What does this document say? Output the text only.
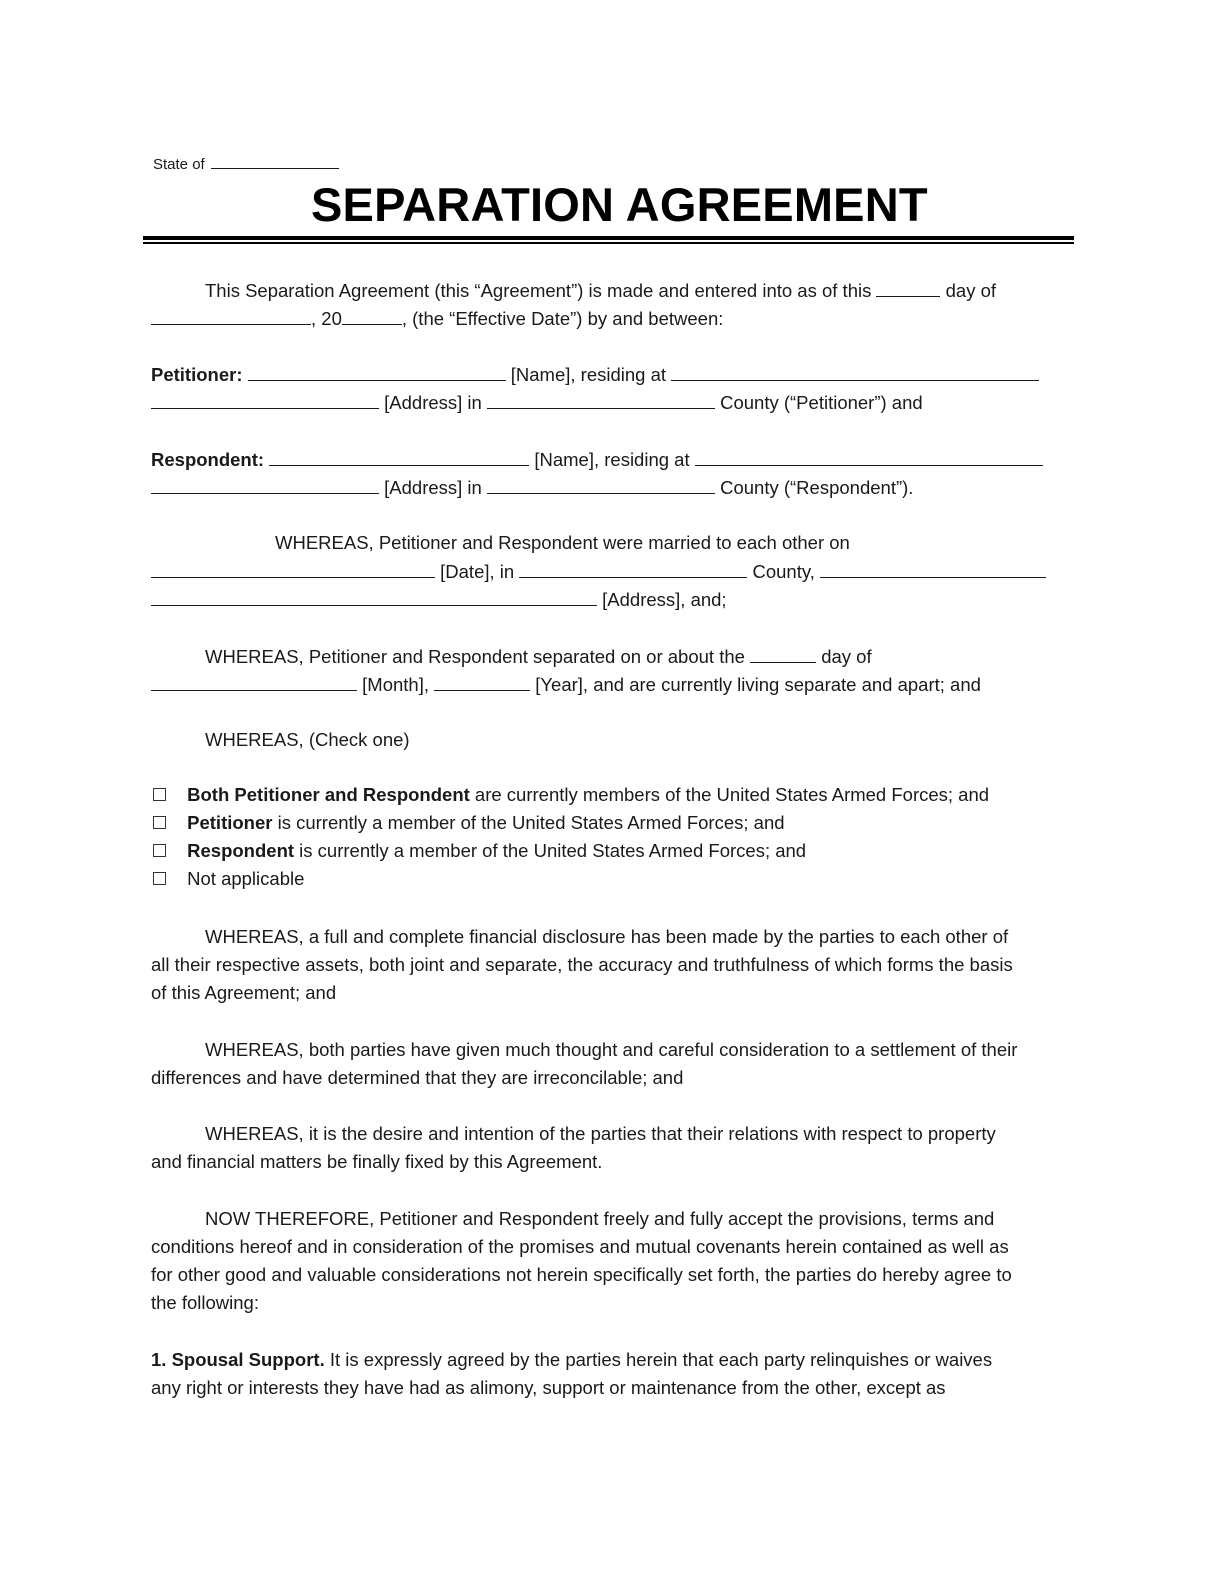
State of
SEPARATION AGREEMENT
This Separation Agreement (this “Agreement”) is made and entered into as of this	day of
, 20	, (the “Effective Date”) by and between:
Petitioner:	[Name], residing at
[Address] in	County (“Petitioner”) and
Respondent:	[Name], residing at
[Address] in	County (“Respondent”).
WHEREAS, Petitioner and Respondent were married to each other on
[Date], in	County,
[Address], and;
WHEREAS, Petitioner and Respondent separated on or about the	day of
[Month],	[Year], and are currently living separate and apart; and
WHEREAS, (Check one)
Both Petitioner and Respondent are currently members of the United States Armed Forces; and
Petitioner is currently a member of the United States Armed Forces; and
Respondent is currently a member of the United States Armed Forces; and
Not applicable
WHEREAS, a full and complete financial disclosure has been made by the parties to each other of
all their respective assets, both joint and separate, the accuracy and truthfulness of which forms the basis
of this Agreement; and
WHEREAS, both parties have given much thought and careful consideration to a settlement of their
differences and have determined that they are irreconcilable; and
WHEREAS, it is the desire and intention of the parties that their relations with respect to property
and financial matters be finally fixed by this Agreement.
NOW THEREFORE, Petitioner and Respondent freely and fully accept the provisions, terms and
conditions hereof and in consideration of the promises and mutual covenants herein contained as well as
for other good and valuable considerations not herein specifically set forth, the parties do hereby agree to
the following:
1. Spousal Support. It is expressly agreed by the parties herein that each party relinquishes or waives
any right or interests they have had as alimony, support or maintenance from the other, except as
